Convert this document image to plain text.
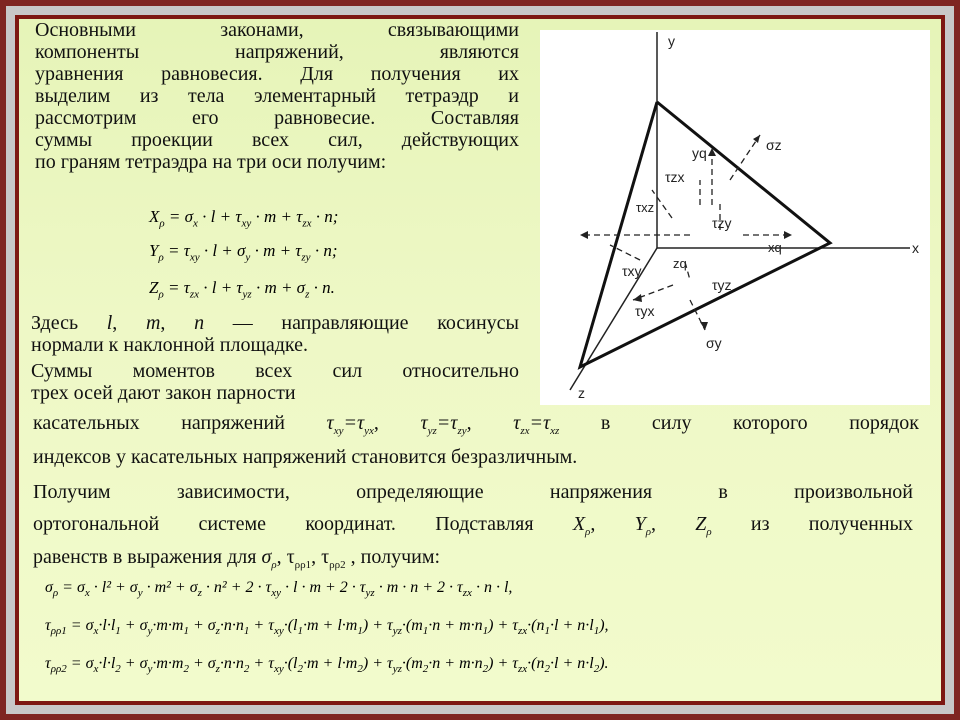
Основными законами, связывающими
компоненты напряжений, являются
уравнения равновесия. Для получения их
выделим из тела элементарный тетраэдр и
рассмотрим его равновесие. Составляя
суммы проекции всех сил, действующих
по граням тетраэдра на три оси получим:
$X_\rho = \sigma_x \cdot l + \tau_{xy} \cdot m + \tau_{zx} \cdot n$;
$Y_\rho = \tau_{xy} \cdot l + \sigma_y \cdot m + \tau_{zy} \cdot n$;
$Z_\rho = \tau_{zx} \cdot l + \tau_{yz} \cdot m + \sigma_z \cdot n$.
Здесь l, m, n — направляющие косинусы
нормали к наклонной площадке.
Суммы моментов всех сил относительно
трех осей дают закон парности
касательных напряжений $\tau_{xy}=\tau_{yx}$, $\tau_{yz}=\tau_{zy}$, $\tau_{zx}=\tau_{xz}$ в силу которого порядок
индексов у касательных напряжений становится безразличным.
Получим зависимости, определяющие напряжения в произвольной
ортогональной системе координат. Подставляя $X_\rho$, $Y_\rho$, $Z_\rho$ из полученных
равенств в выражения для $\sigma_\rho$, $\tau_{\rho\rho 1}$, $\tau_{\rho\rho 2}$ , получим:
$\sigma_\rho = \sigma_x \cdot l^2 + \sigma_y \cdot m^2 + \sigma_z \cdot n^2 + 2 \cdot \tau_{xy} \cdot l \cdot m + 2 \cdot \tau_{yz} \cdot m \cdot n + 2 \cdot \tau_{zx} \cdot n \cdot l$,
$\tau_{\rho\rho 1} = \sigma_x\cdot l\cdot l_1 + \sigma_y\cdot m\cdot m_1 + \sigma_z\cdot n\cdot n_1 + \tau_{xy}\cdot(l_1\cdot m + l\cdot m_1) + \tau_{yz}\cdot(m_1\cdot n + m\cdot n_1) + \tau_{zx}\cdot(n_1\cdot l + n\cdot l_1)$,
$\tau_{\rho\rho 2} = \sigma_x\cdot l\cdot l_2 + \sigma_y\cdot m\cdot m_2 + \sigma_z\cdot n\cdot n_2 + \tau_{xy}\cdot(l_2\cdot m + l\cdot m_2) + \tau_{yz}\cdot(m_2\cdot n + m\cdot n_2) + \tau_{zx}\cdot(n_2\cdot l + n\cdot l_2)$.
y
x
z
σz
yq
τzx
τxz
τzy
xq
τxy zq
τyz
τyx
σy
